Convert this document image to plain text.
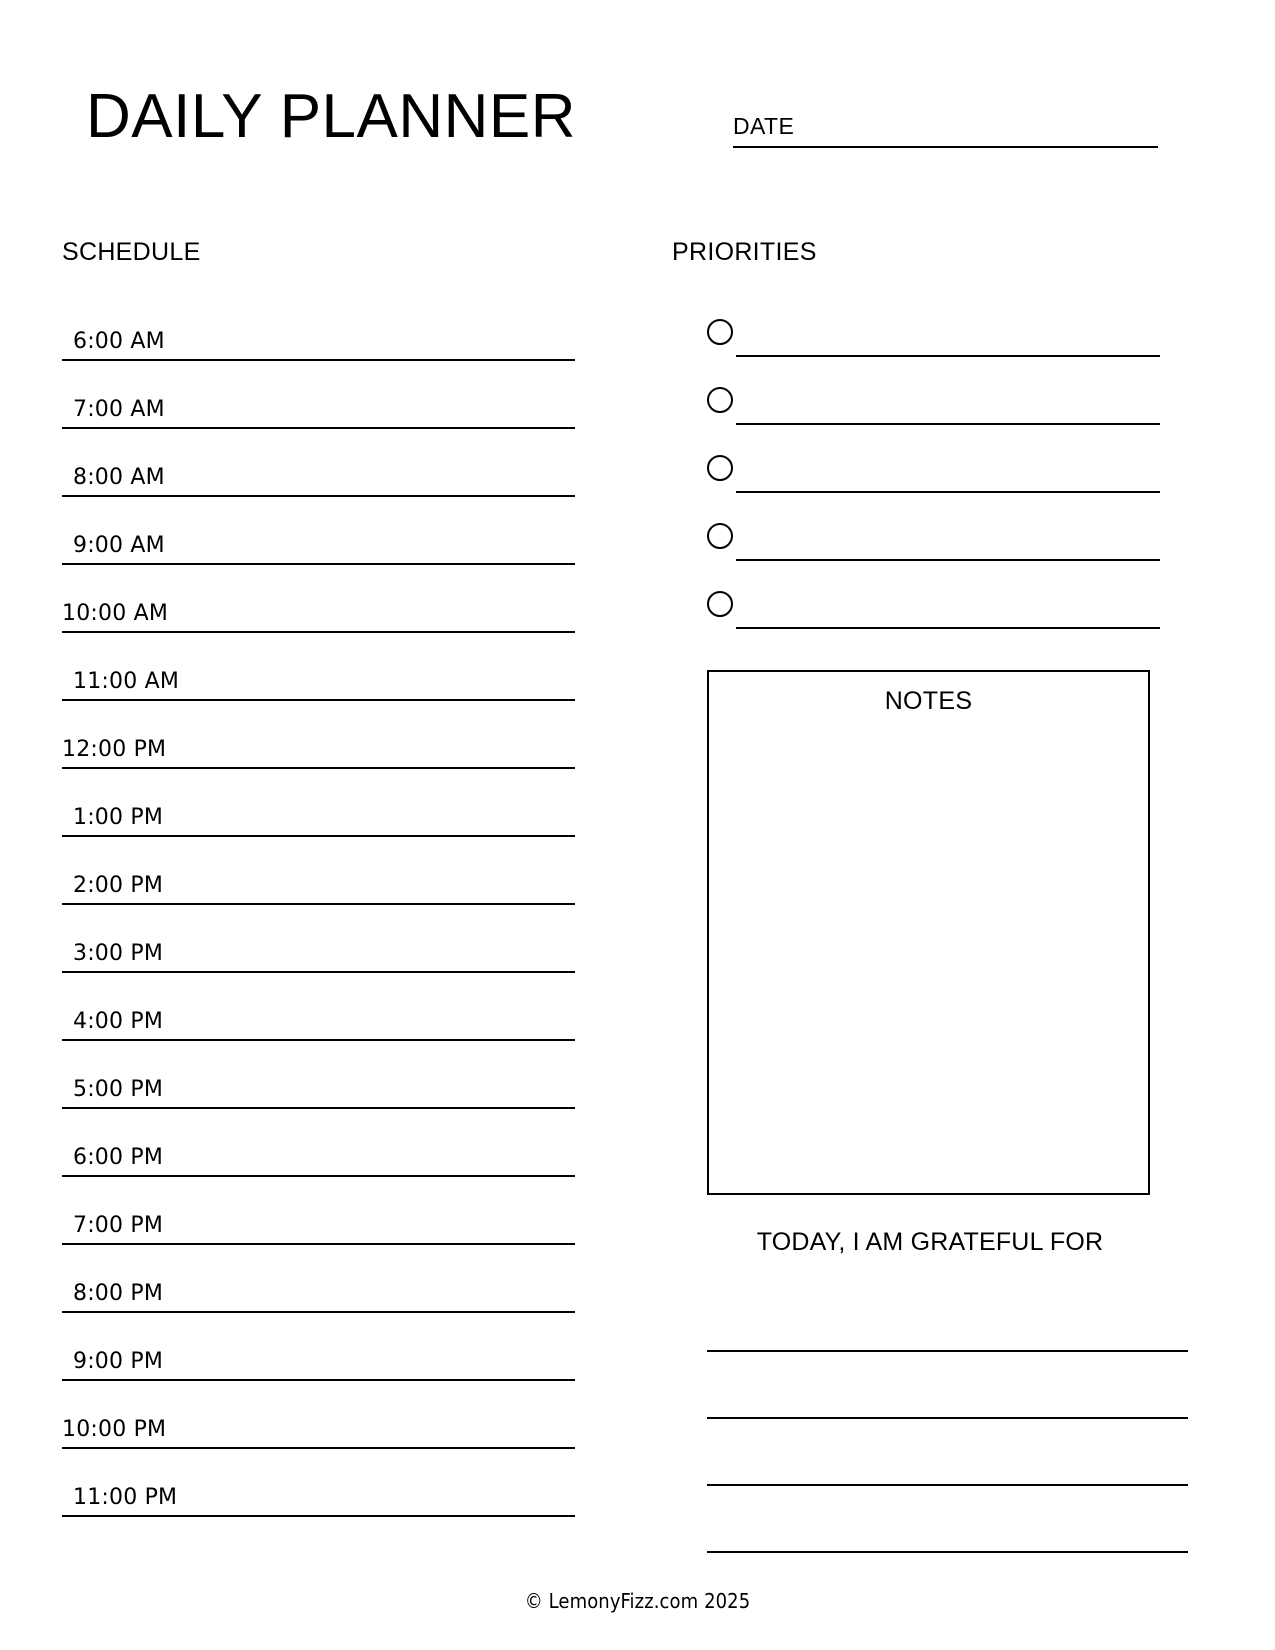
DAILY PLANNER	DATE
SCHEDULE
6:00 AM
7:00 AM
8:00 AM
9:00 AM
10:00 AM
11:00 AM
12:00 PM
1:00 PM
2:00 PM
3:00 PM
4:00 PM
5:00 PM
6:00 PM
7:00 PM
8:00 PM
9:00 PM
10:00 PM
11:00 PM
PRIORITIES
NOTES
TODAY, I AM GRATEFUL FOR
© LemonyFizz.com 2025
